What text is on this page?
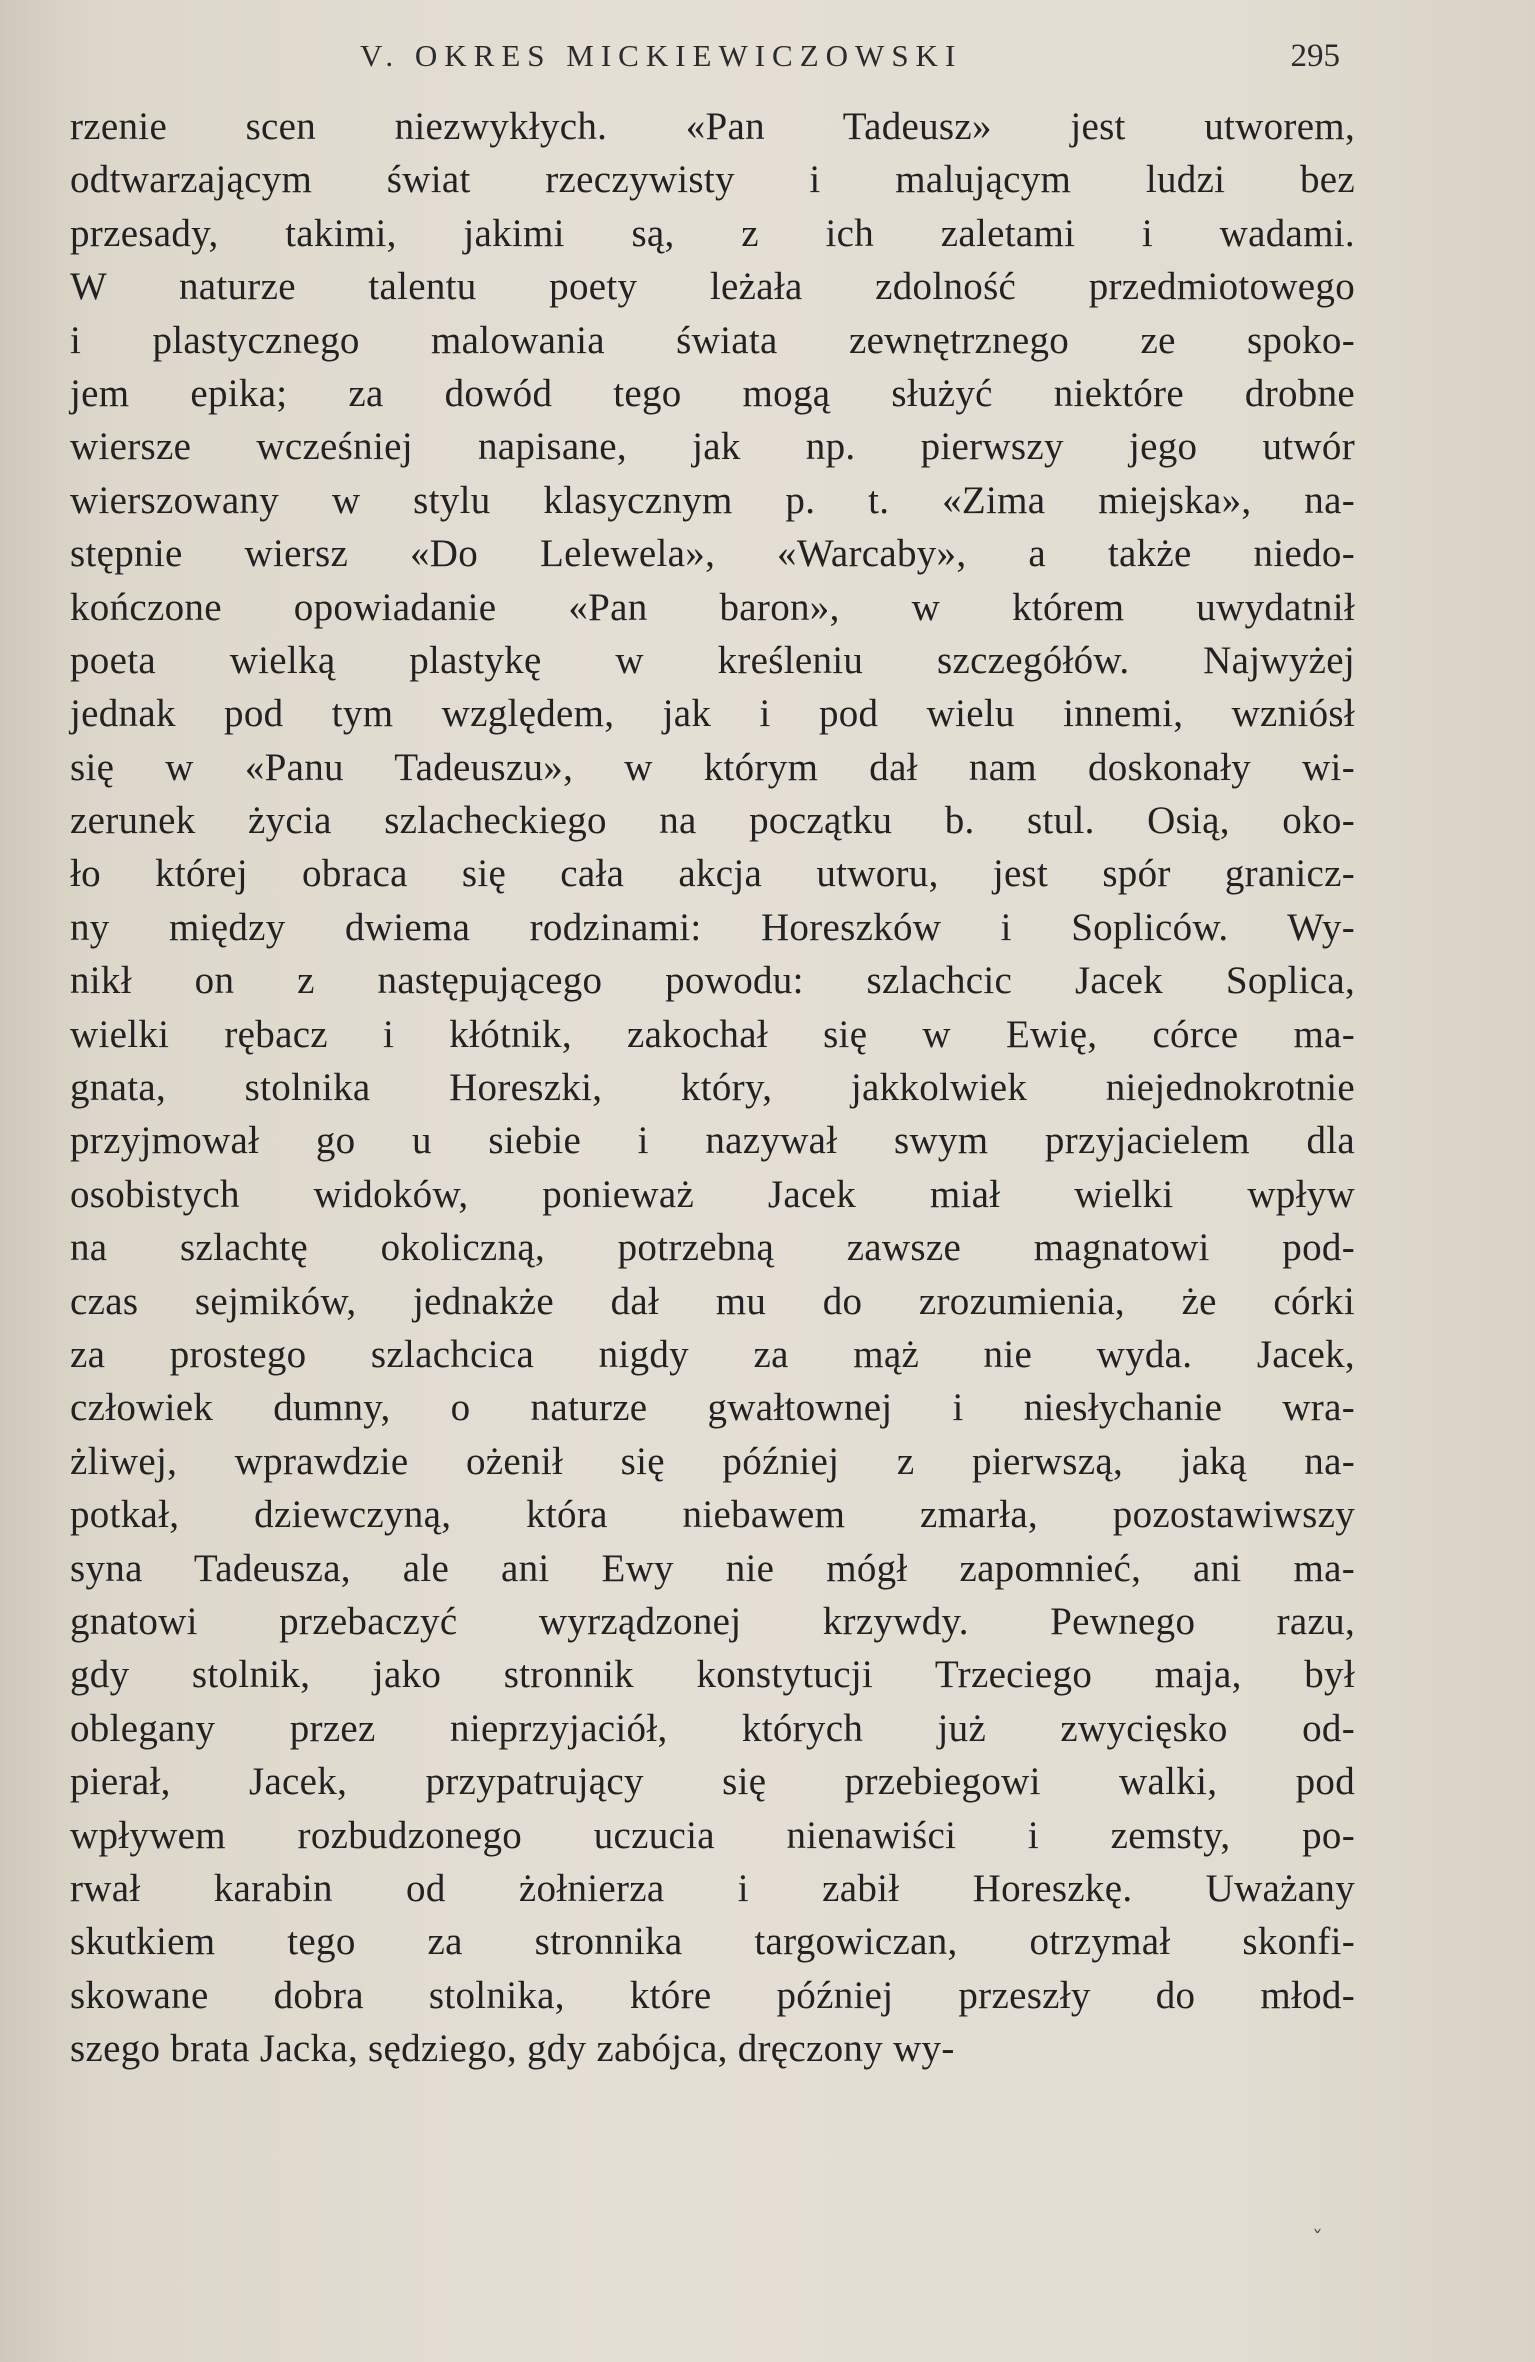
V. OKRES MICKIEWICZOWSKI	295
rzenie scen niezwykłych. «Pan Tadeusz» jest utworem,
odtwarzającym świat rzeczywisty i malującym ludzi bez
przesady, takimi, jakimi są, z ich zaletami i wadami.
W naturze talentu poety leżała zdolność przedmiotowego
i plastycznego malowania świata zewnętrznego ze spoko-
jem epika; za dowód tego mogą służyć niektóre drobne
wiersze wcześniej napisane, jak np. pierwszy jego utwór
wierszowany w stylu klasycznym p. t. «Zima miejska», na-
stępnie wiersz «Do Lelewela», «Warcaby», a także niedo-
kończone opowiadanie «Pan baron», w którem uwydatnił
poeta wielką plastykę w kreśleniu szczegółów. Najwyżej
jednak pod tym względem, jak i pod wielu innemi, wzniósł
się w «Panu Tadeuszu», w którym dał nam doskonały wi-
zerunek życia szlacheckiego na początku b. stul. Osią, oko-
ło której obraca się cała akcja utworu, jest spór granicz-
ny między dwiema rodzinami: Horeszków i Sopliców. Wy-
nikł on z następującego powodu: szlachcic Jacek Soplica,
wielki rębacz i kłótnik, zakochał się w Ewię, córce ma-
gnata, stolnika Horeszki, który, jakkolwiek niejednokrotnie
przyjmował go u siebie i nazywał swym przyjacielem dla
osobistych widoków, ponieważ Jacek miał wielki wpływ
na szlachtę okoliczną, potrzebną zawsze magnatowi pod-
czas sejmików, jednakże dał mu do zrozumienia, że córki
za prostego szlachcica nigdy za mąż nie wyda. Jacek,
człowiek dumny, o naturze gwałtownej i niesłychanie wra-
żliwej, wprawdzie ożenił się później z pierwszą, jaką na-
potkał, dziewczyną, która niebawem zmarła, pozostawiwszy
syna Tadeusza, ale ani Ewy nie mógł zapomnieć, ani ma-
gnatowi przebaczyć wyrządzonej krzywdy. Pewnego razu,
gdy stolnik, jako stronnik konstytucji Trzeciego maja, był
oblegany przez nieprzyjaciół, których już zwycięsko od-
pierał, Jacek, przypatrujący się przebiegowi walki, pod
wpływem rozbudzonego uczucia nienawiści i zemsty, po-
rwał karabin od żołnierza i zabił Horeszkę. Uważany
skutkiem tego za stronnika targowiczan, otrzymał skonfi-
skowane dobra stolnika, które później przeszły do młod-
szego brata Jacka, sędziego, gdy zabójca, dręczony wy-
ˇ
